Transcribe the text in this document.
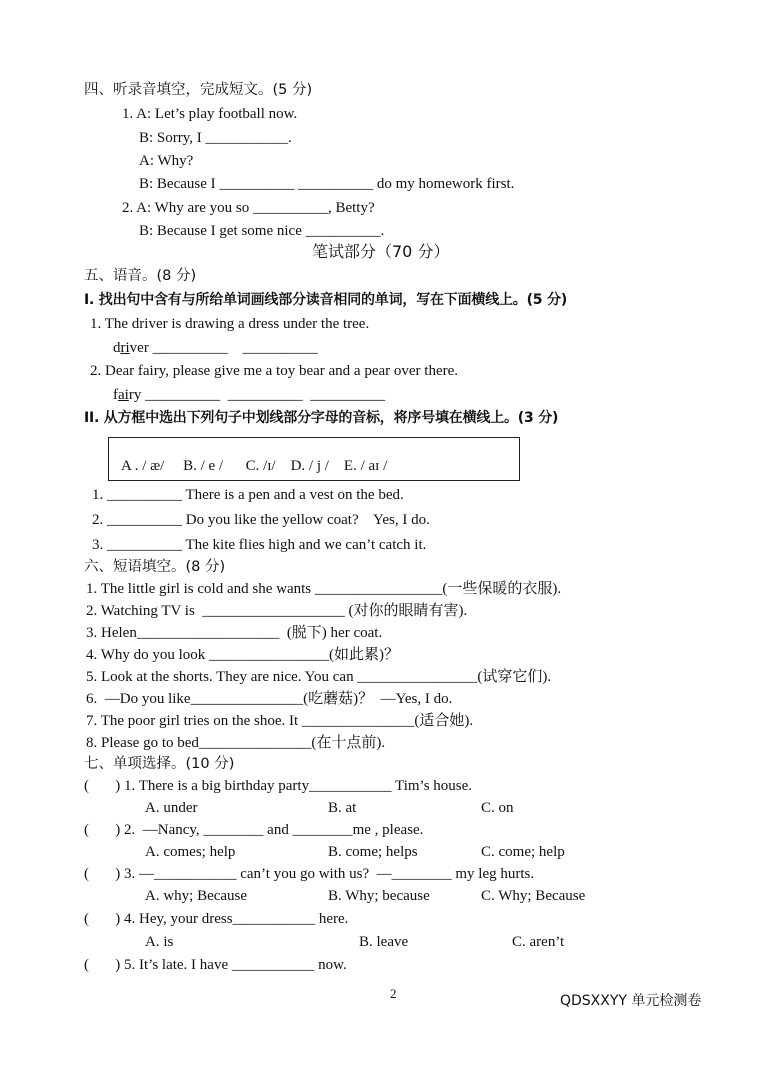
四、听录音填空，完成短文。(5 分)
1. A: Let’s play football now.
B: Sorry, I ___________.
A: Why?
B: Because I __________ __________ do my homework first.
2. A: Why are you so __________, Betty?
B: Because I get some nice __________.
笔试部分（70 分）
五、语音。(8 分)
I. 找出句中含有与所给单词画线部分读音相同的单词，写在下面横线上。(5 分)
1. The driver is drawing a dress under the tree.
driver __________    __________
2. Dear fairy, please give me a toy bear and a pear over there.
fairy __________  __________  __________
II. 从方框中选出下列句子中划线部分字母的音标，将序号填在横线上。(3 分)
A . / æ/     B. / e /      C. /ɪ/    D. / j /    E. / aɪ /
1. __________ There is a pen and a vest on the bed.
2. __________ Do you like the yellow coat?    Yes, I do.
3. __________ The kite flies high and we can’t catch it.
六、短语填空。(8 分)
1. The little girl is cold and she wants _________________(一些保暖的衣服).
2. Watching TV is  ___________________ (对你的眼睛有害).
3. Helen___________________  (脱下) her coat.
4. Why do you look ________________(如此累)？
5. Look at the shorts. They are nice. You can ________________(试穿它们).
6.  —Do you like_______________(吃蘑菇)？  —Yes, I do.
7. The poor girl tries on the shoe. It _______________(适合她).
8. Please go to bed_______________(在十点前).
七、单项选择。(10 分)
(       ) 1. There is a big birthday party___________ Tim’s house.
A. under	B. at	C. on
(       ) 2.  —Nancy, ________ and ________me , please.
A. comes; help	B. come; helps	C. come; help
(       ) 3. —___________ can’t you go with us?  —________ my leg hurts.
A. why; Because	B. Why; because	C. Why; Because
(       ) 4. Hey, your dress___________ here.
A. is	B. leave	C. aren’t
(       ) 5. It’s late. I have ___________ now.
2	QDSXXYY 单元检测卷
